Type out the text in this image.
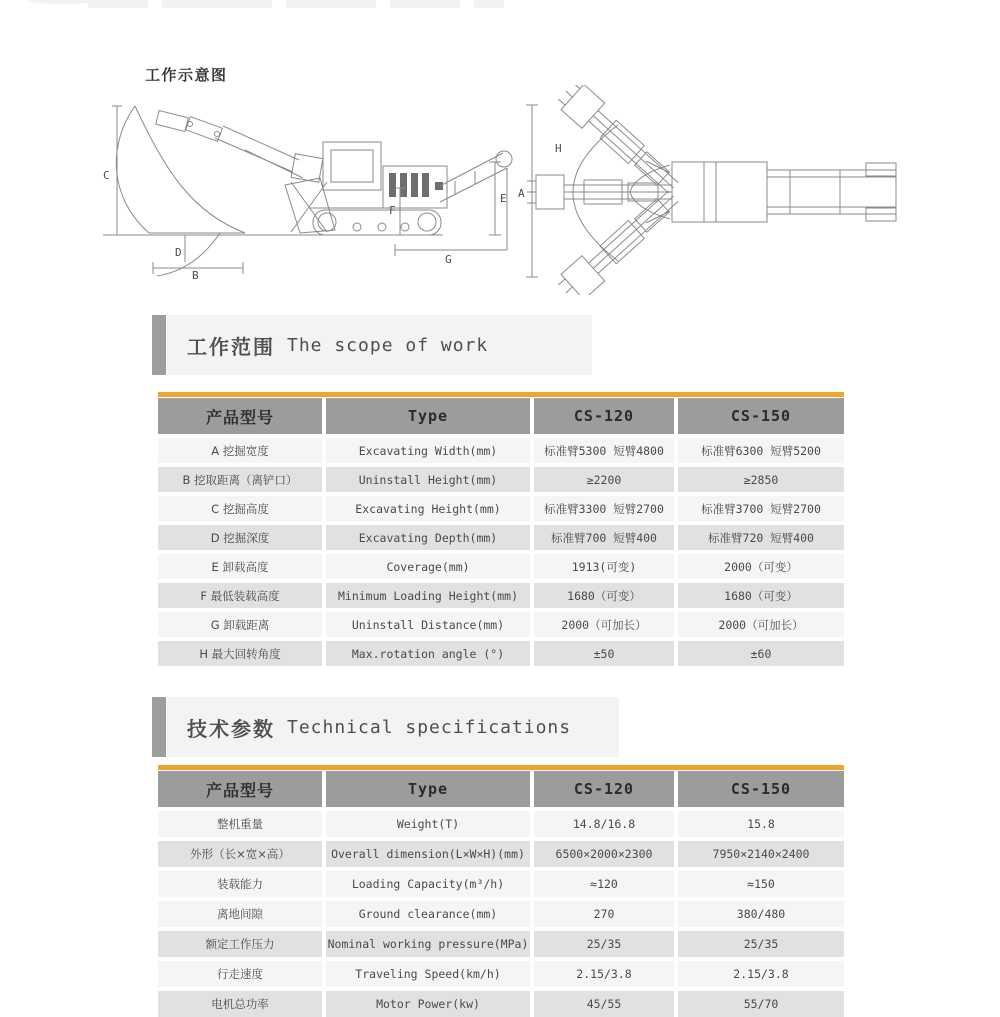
工作示意图
C
D
B
F
E
G
A
H
工作范围 The scope of work
产品型号	Type	CS-120	CS-150
A 挖掘宽度	Excavating Width(mm)	标准臂5300 短臂4800	标准臂6300 短臂5200
B 挖取距离（离铲口）	Uninstall Height(mm)	≥2200	≥2850
C 挖掘高度	Excavating Height(mm)	标准臂3300 短臂2700	标准臂3700 短臂2700
D 挖掘深度	Excavating Depth(mm)	标准臂700 短臂400	标准臂720 短臂400
E 卸载高度	Coverage(mm)	1913(可变)	2000（可变）
F 最低装载高度	Minimum Loading Height(mm)	1680（可变）	1680（可变）
G 卸载距离	Uninstall Distance(mm)	2000（可加长）	2000（可加长）
H 最大回转角度	Max.rotation angle (°)	±50	±60
技术参数 Technical specifications
产品型号	Type	CS-120	CS-150
整机重量	Weight(T)	14.8/16.8	15.8
外形（长×宽×高）	Overall dimension(L×W×H)(mm)	6500×2000×2300	7950×2140×2400
装载能力	Loading Capacity(m³/h)	≈120	≈150
离地间隙	Ground clearance(mm)	270	380/480
额定工作压力	Nominal working pressure(MPa)	25/35	25/35
行走速度	Traveling Speed(km/h)	2.15/3.8	2.15/3.8
电机总功率	Motor Power(kw)	45/55	55/70
